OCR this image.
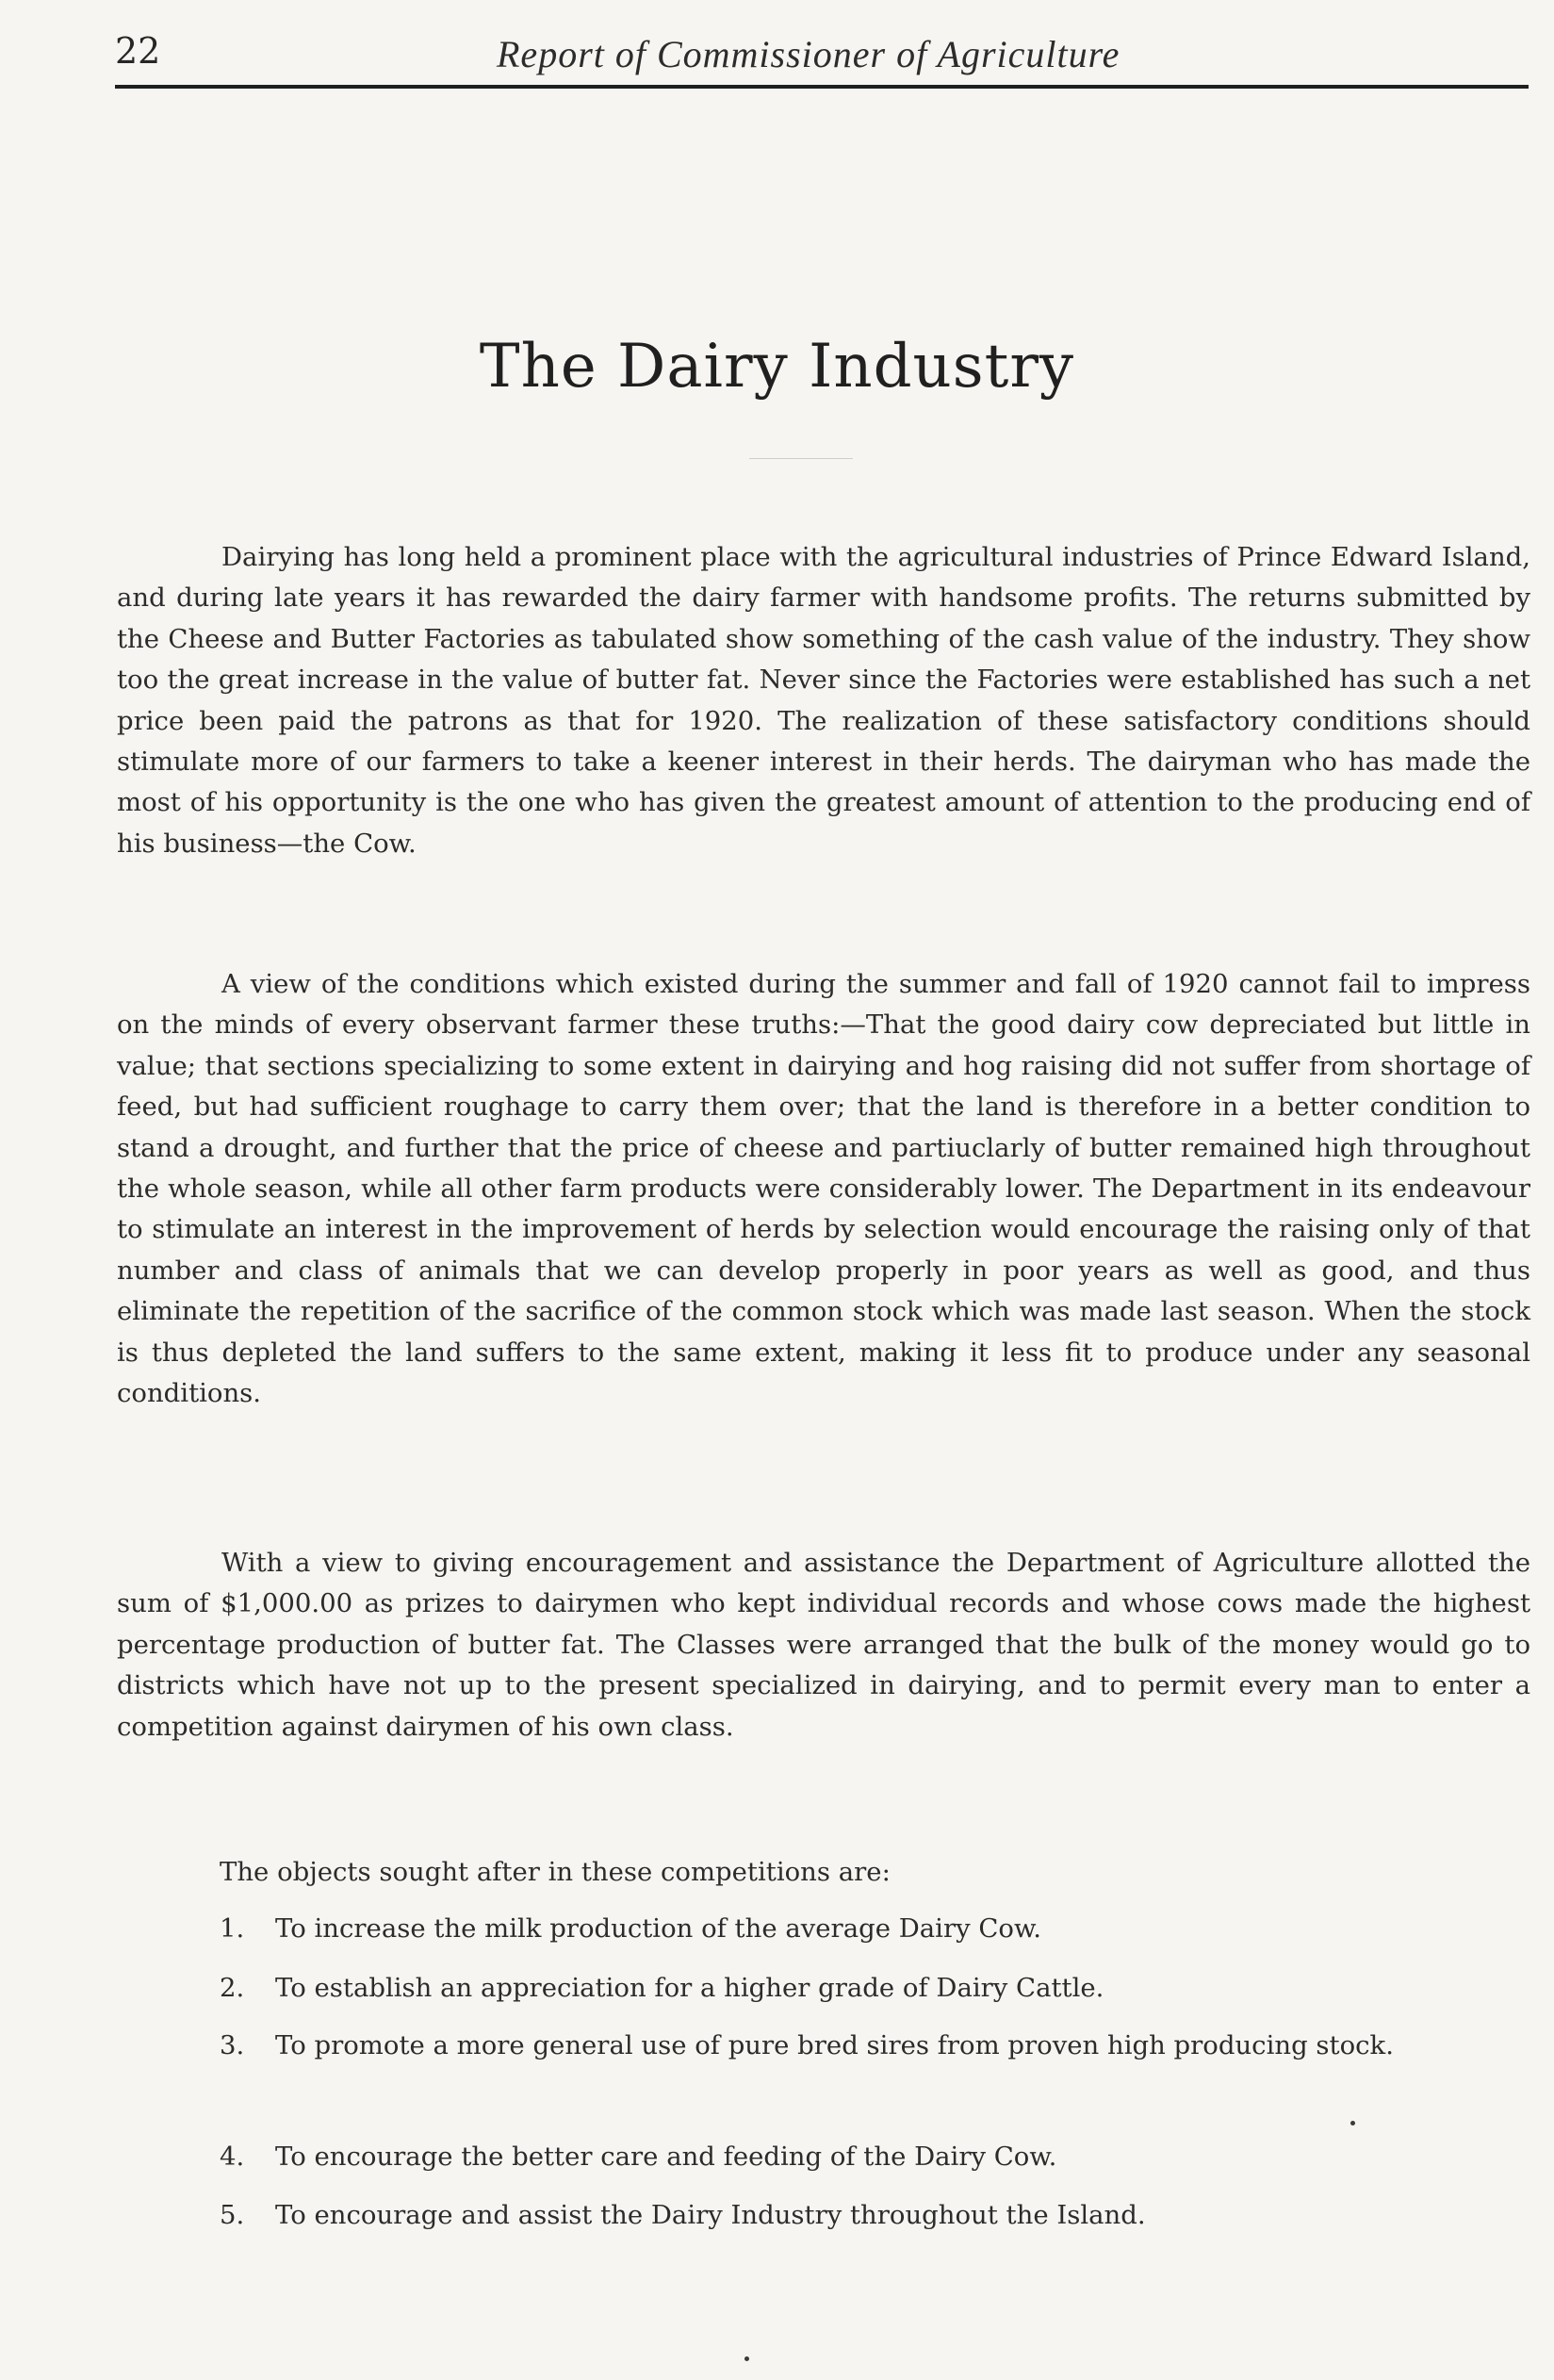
22	Report of Commissioner of Agriculture
The Dairy Industry

Dairying has long held a prominent place with the agricultural industries of Prince Edward Island, and during late years it has rewarded the dairy farmer with handsome profits. The returns submitted by the Cheese and Butter Factories as tabulated show something of the cash value of the industry. They show too the great increase in the value of butter fat. Never since the Factories were established has such a net price been paid the patrons as that for 1920. The realization of these satisfactory conditions should stimulate more of our farmers to take a keener interest in their herds. The dairyman who has made the most of his opportunity is the one who has given the greatest amount of attention to the producing end of his business—the Cow.

A view of the conditions which existed during the summer and fall of 1920 cannot fail to impress on the minds of every observant farmer these truths:—That the good dairy cow depreciated but little in value; that sections specializing to some extent in dairying and hog raising did not suffer from shortage of feed, but had sufficient roughage to carry them over; that the land is therefore in a better condition to stand a drought, and further that the price of cheese and partiuclarly of butter remained high throughout the whole season, while all other farm products were considerably lower. The Department in its endeavour to stimulate an interest in the improvement of herds by selection would encourage the raising only of that number and class of animals that we can develop properly in poor years as well as good, and thus eliminate the repetition of the sacrifice of the common stock which was made last season. When the stock is thus depleted the land suffers to the same extent, making it less fit to produce under any seasonal conditions.

With a view to giving encouragement and assistance the Department of Agriculture allotted the sum of $1,000.00 as prizes to dairymen who kept individual records and whose cows made the highest percentage production of butter fat. The Classes were arranged that the bulk of the money would go to districts which have not up to the present specialized in dairying, and to permit every man to enter a competition against dairymen of his own class.

The objects sought after in these competitions are:

1. To increase the milk production of the average Dairy Cow.
2. To establish an appreciation for a higher grade of Dairy Cattle.
3. To promote a more general use of pure bred sires from proven high producing stock.
4. To encourage the better care and feeding of the Dairy Cow.
5. To encourage and assist the Dairy Industry throughout the Island.
